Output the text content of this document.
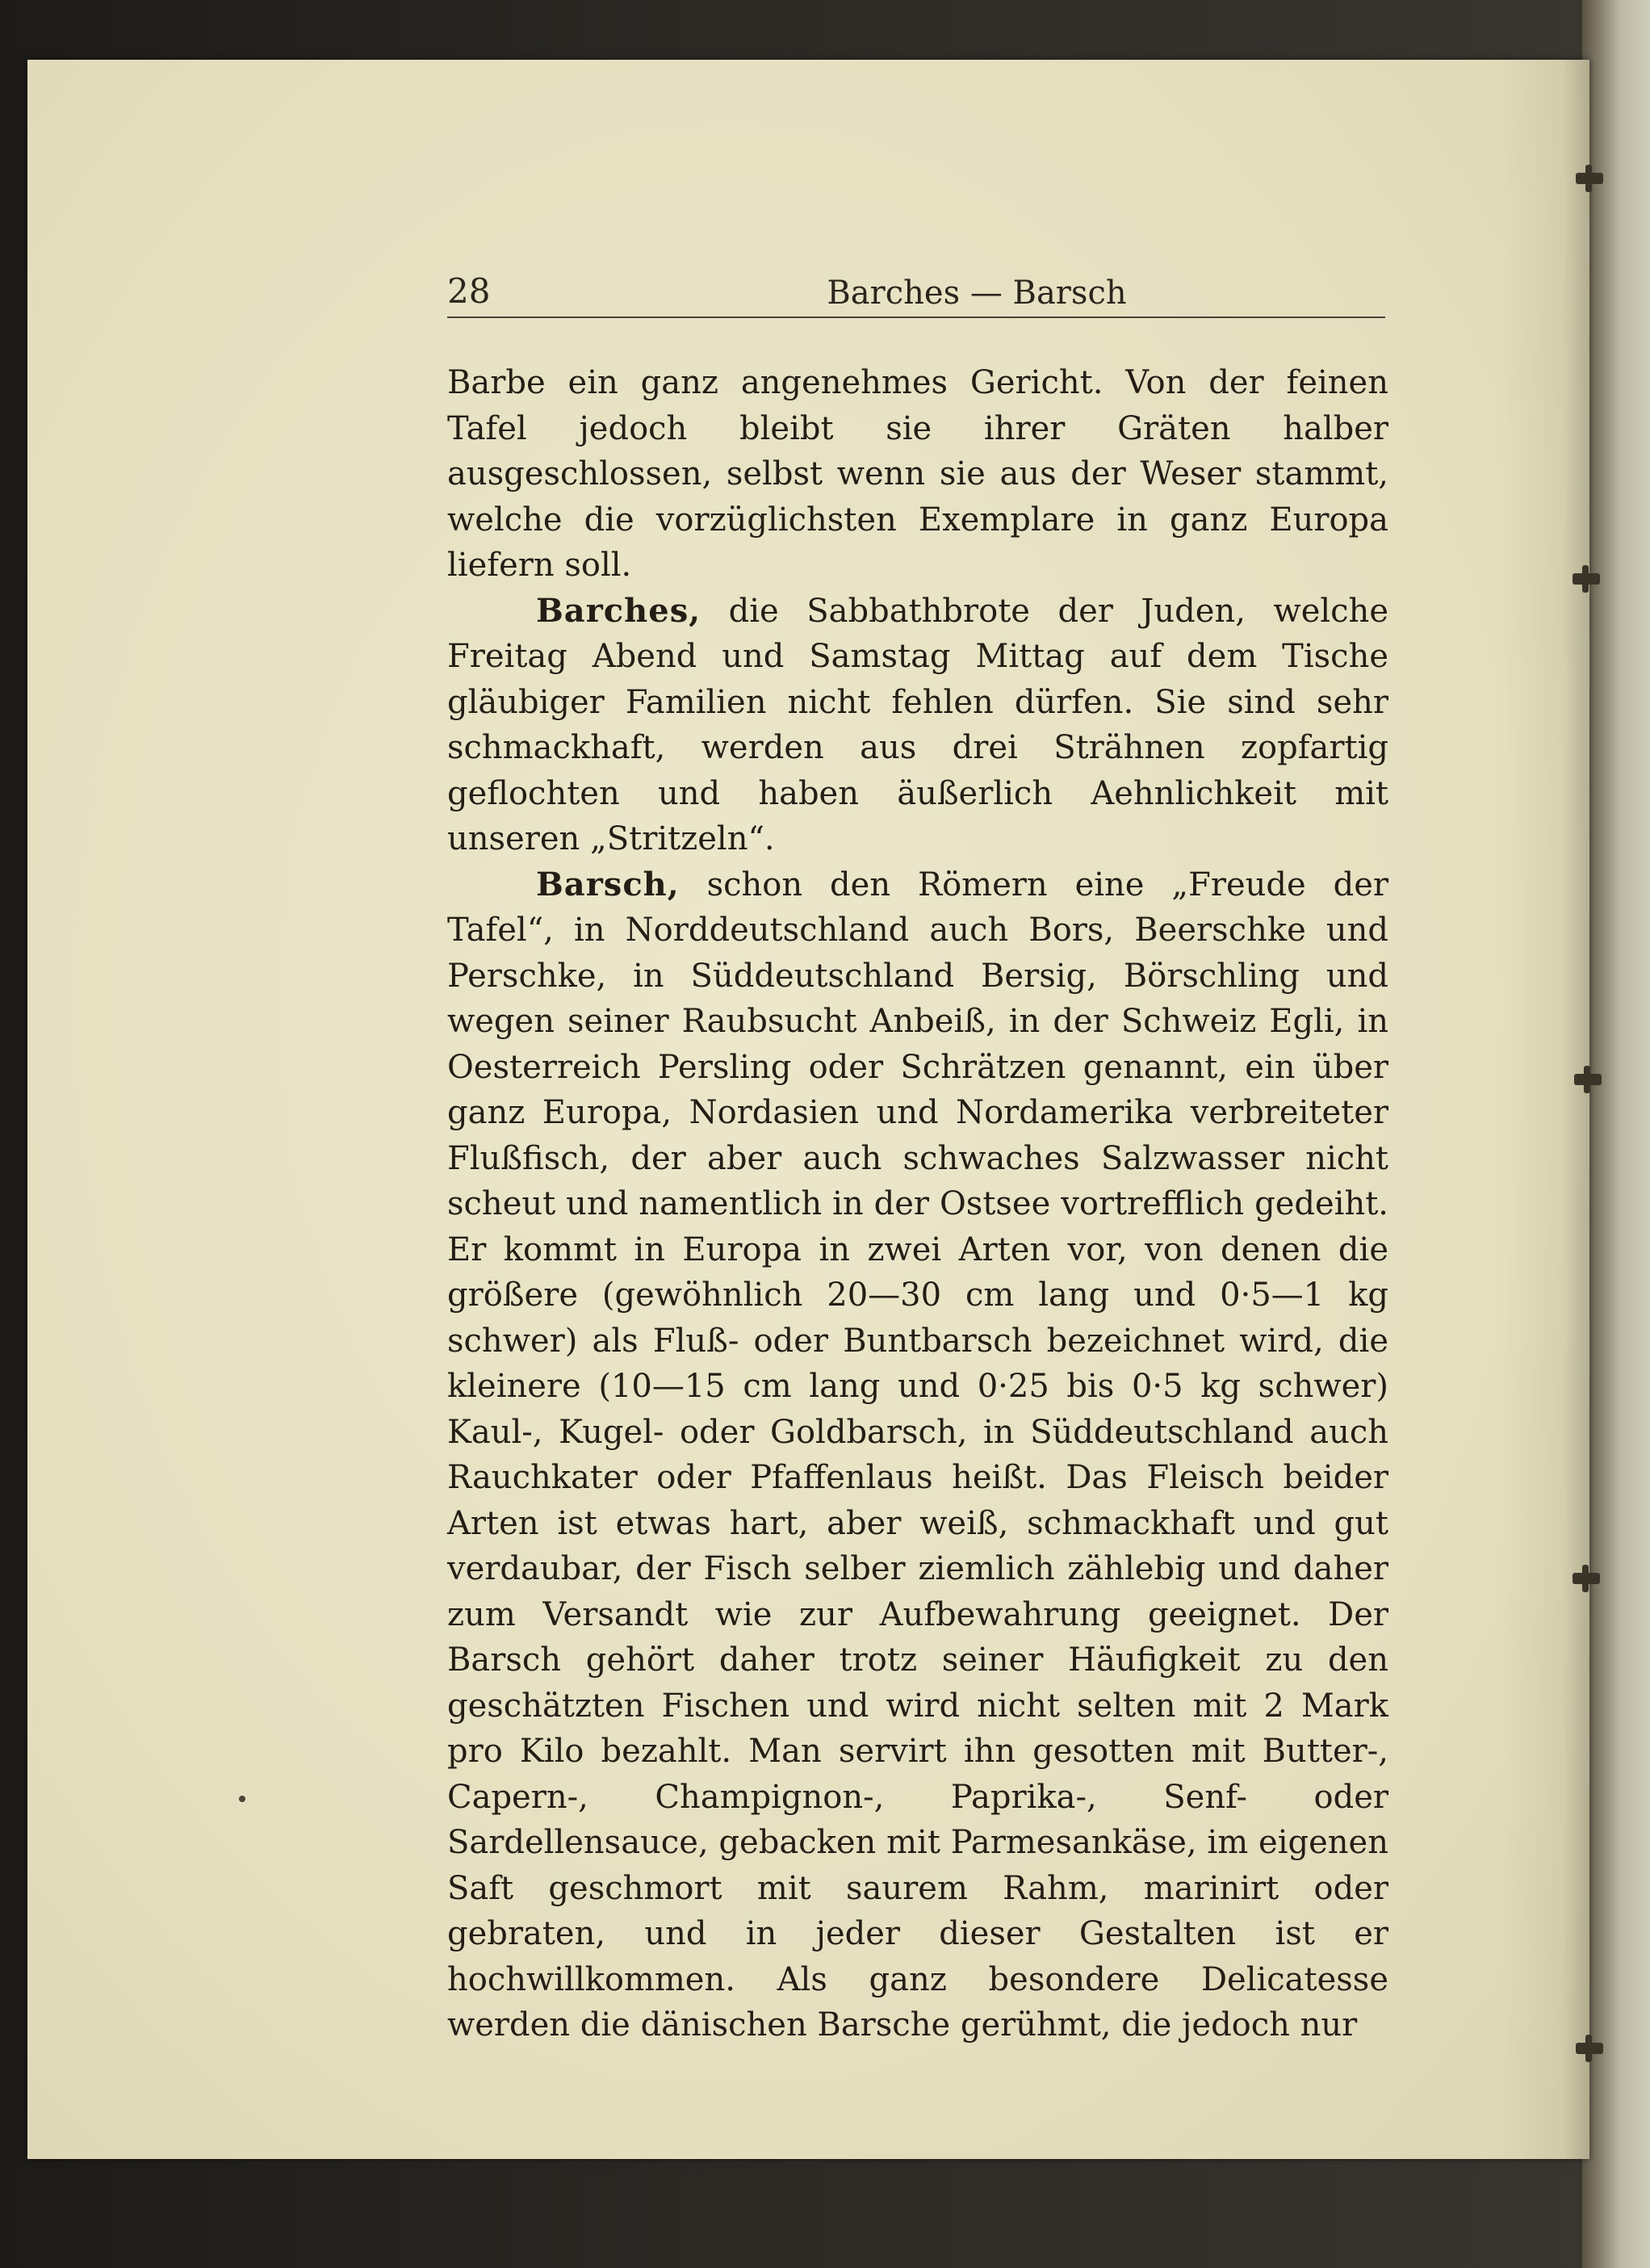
28	Barches — Barsch

Barbe ein ganz angenehmes Gericht. Von der feinen Tafel jedoch bleibt sie ihrer Gräten halber ausgeschlossen, selbst wenn sie aus der Weser stammt, welche die vorzüglichsten Exemplare in ganz Europa liefern soll.

Barches, die Sabbathbrote der Juden, welche Freitag Abend und Samstag Mittag auf dem Tische gläubiger Familien nicht fehlen dürfen. Sie sind sehr schmackhaft, werden aus drei Strähnen zopfartig geflochten und haben äußerlich Aehnlichkeit mit unseren „Stritzeln“.

Barsch, schon den Römern eine „Freude der Tafel“, in Norddeutschland auch Bors, Beerschke und Perschke, in Süddeutschland Bersig, Börschling und wegen seiner Raubsucht Anbeiß, in der Schweiz Egli, in Oesterreich Persling oder Schrätzen genannt, ein über ganz Europa, Nordasien und Nordamerika verbreiteter Flußfisch, der aber auch schwaches Salzwasser nicht scheut und namentlich in der Ostsee vortrefflich gedeiht. Er kommt in Europa in zwei Arten vor, von denen die größere (gewöhnlich 20—30 cm lang und 0·5—1 kg schwer) als Fluß- oder Buntbarsch bezeichnet wird, die kleinere (10—15 cm lang und 0·25 bis 0·5 kg schwer) Kaul-, Kugel- oder Goldbarsch, in Süddeutschland auch Rauchkater oder Pfaffenlaus heißt. Das Fleisch beider Arten ist etwas hart, aber weiß, schmackhaft und gut verdaubar, der Fisch selber ziemlich zählebig und daher zum Versandt wie zur Aufbewahrung geeignet. Der Barsch gehört daher trotz seiner Häufigkeit zu den geschätzten Fischen und wird nicht selten mit 2 Mark pro Kilo bezahlt. Man servirt ihn gesotten mit Butter-, Capern-, Champignon-, Paprika-, Senf- oder Sardellensauce, gebacken mit Parmesankäse, im eigenen Saft geschmort mit saurem Rahm, marinirt oder gebraten, und in jeder dieser Gestalten ist er hochwillkommen. Als ganz besondere Delicatesse werden die dänischen Barsche gerühmt, die jedoch nur
